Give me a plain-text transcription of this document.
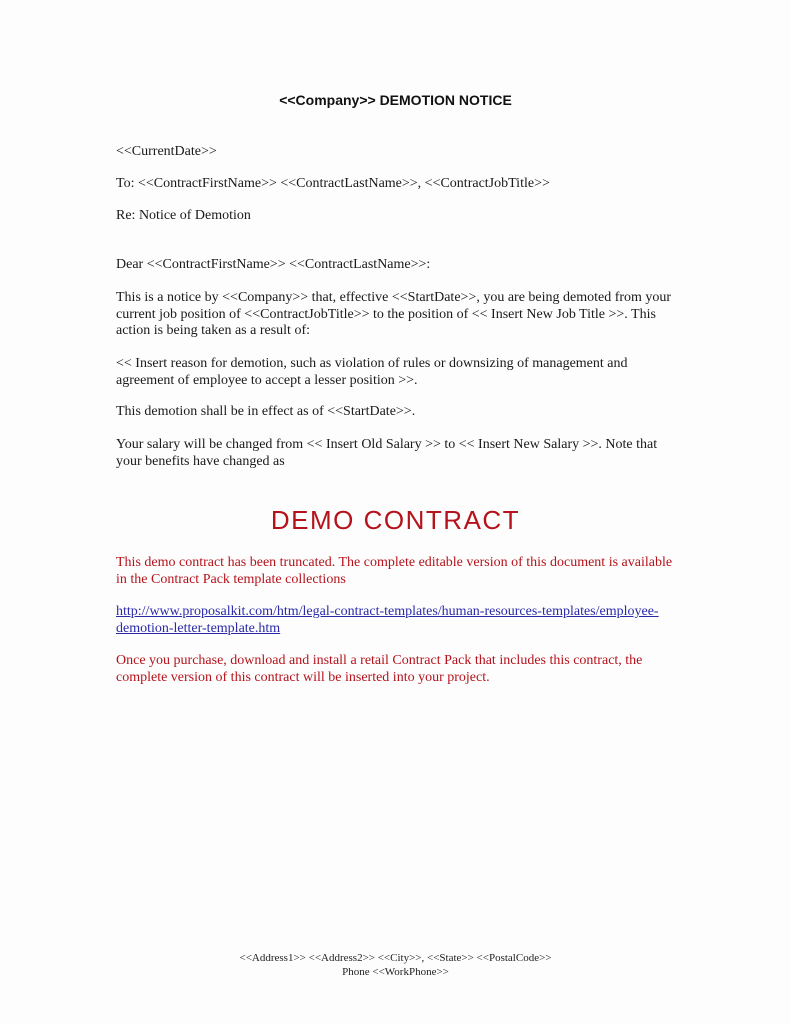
<<Company>> DEMOTION NOTICE

<<CurrentDate>>

To: <<ContractFirstName>> <<ContractLastName>>, <<ContractJobTitle>>

Re: Notice of Demotion

Dear <<ContractFirstName>> <<ContractLastName>>:

This is a notice by <<Company>> that, effective <<StartDate>>, you are being demoted from your current job position of <<ContractJobTitle>> to the position of << Insert New Job Title >>. This action is being taken as a result of:

<< Insert reason for demotion, such as violation of rules or downsizing of management and agreement of employee to accept a lesser position >>.

This demotion shall be in effect as of <<StartDate>>.

Your salary will be changed from << Insert Old Salary >> to << Insert New Salary >>. Note that your benefits have changed as

DEMO CONTRACT

This demo contract has been truncated. The complete editable version of this document is available in the Contract Pack template collections

http://www.proposalkit.com/htm/legal-contract-templates/human-resources-templates/employee-demotion-letter-template.htm

Once you purchase, download and install a retail Contract Pack that includes this contract, the complete version of this contract will be inserted into your project.

<<Address1>> <<Address2>> <<City>>, <<State>> <<PostalCode>>
Phone <<WorkPhone>>
